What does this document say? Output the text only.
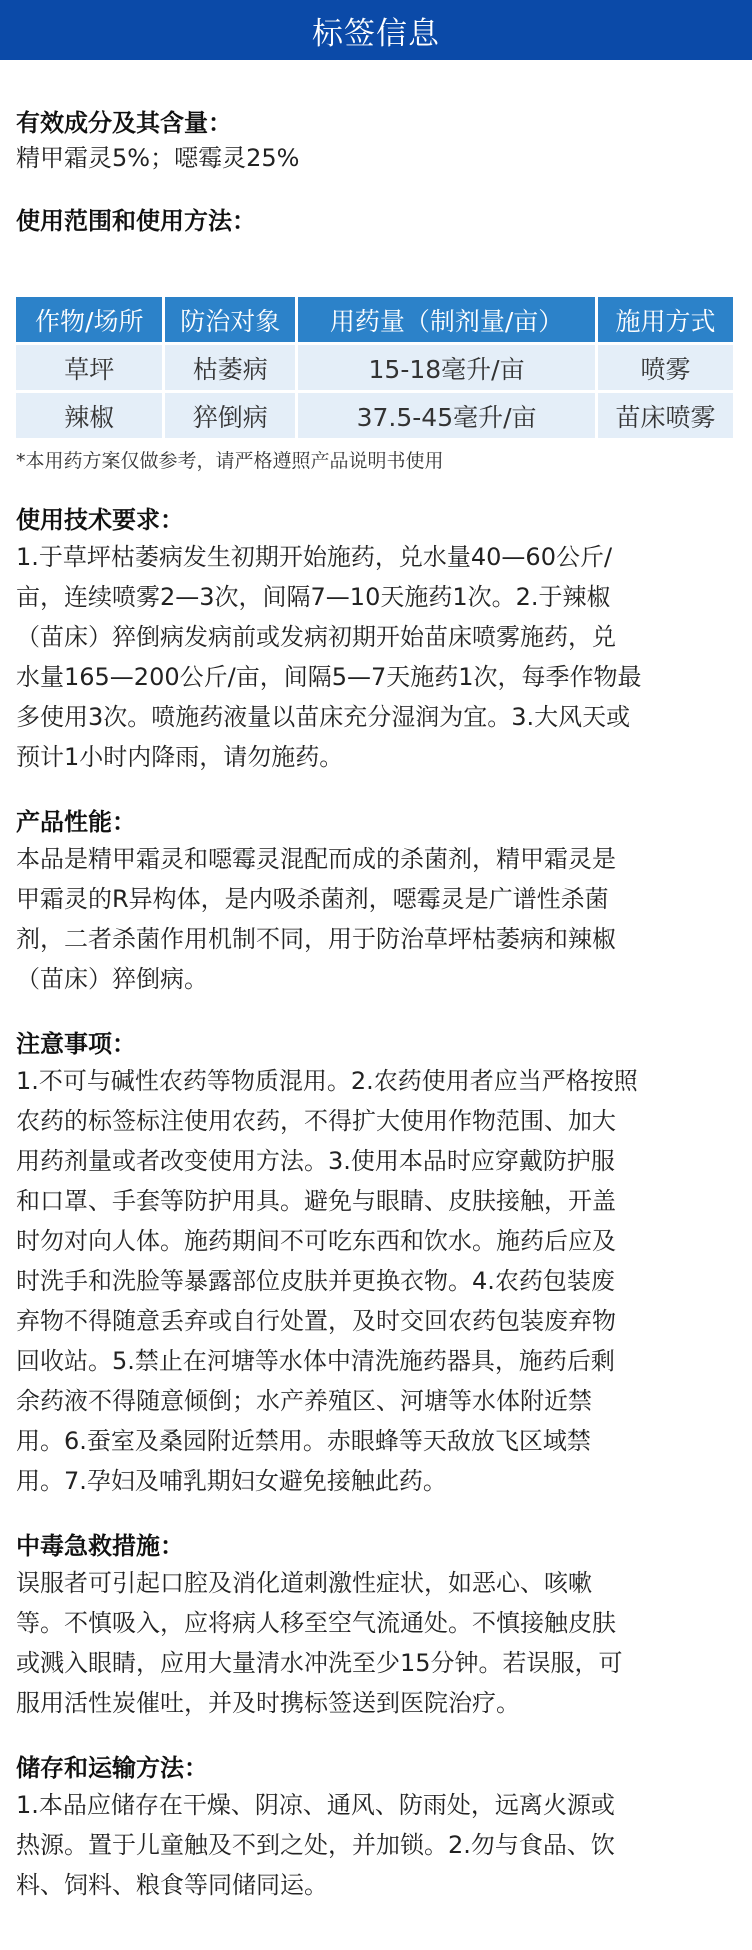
标签信息
有效成分及其含量：
精甲霜灵5%；噁霉灵25%
使用范围和使用方法：
作物/场所	防治对象	用药量（制剂量/亩）	施用方式
草坪	枯萎病	15-18毫升/亩	喷雾
辣椒	猝倒病	37.5-45毫升/亩	苗床喷雾
*本用药方案仅做参考，请严格遵照产品说明书使用
使用技术要求：
1.于草坪枯萎病发生初期开始施药，兑水量40—60公斤/
亩，连续喷雾2—3次，间隔7—10天施药1次。2.于辣椒
（苗床）猝倒病发病前或发病初期开始苗床喷雾施药，兑
水量165—200公斤/亩，间隔5—7天施药1次，每季作物最
多使用3次。喷施药液量以苗床充分湿润为宜。3.大风天或
预计1小时内降雨，请勿施药。
产品性能：
本品是精甲霜灵和噁霉灵混配而成的杀菌剂，精甲霜灵是
甲霜灵的R异构体，是内吸杀菌剂，噁霉灵是广谱性杀菌
剂，二者杀菌作用机制不同，用于防治草坪枯萎病和辣椒
（苗床）猝倒病。
注意事项：
1.不可与碱性农药等物质混用。2.农药使用者应当严格按照
农药的标签标注使用农药，不得扩大使用作物范围、加大
用药剂量或者改变使用方法。3.使用本品时应穿戴防护服
和口罩、手套等防护用具。避免与眼睛、皮肤接触，开盖
时勿对向人体。施药期间不可吃东西和饮水。施药后应及
时洗手和洗脸等暴露部位皮肤并更换衣物。4.农药包装废
弃物不得随意丢弃或自行处置，及时交回农药包装废弃物
回收站。5.禁止在河塘等水体中清洗施药器具，施药后剩
余药液不得随意倾倒；水产养殖区、河塘等水体附近禁
用。6.蚕室及桑园附近禁用。赤眼蜂等天敌放飞区域禁
用。7.孕妇及哺乳期妇女避免接触此药。
中毒急救措施：
误服者可引起口腔及消化道刺激性症状，如恶心、咳嗽
等。不慎吸入，应将病人移至空气流通处。不慎接触皮肤
或溅入眼睛，应用大量清水冲洗至少15分钟。若误服，可
服用活性炭催吐，并及时携标签送到医院治疗。
储存和运输方法：
1.本品应储存在干燥、阴凉、通风、防雨处，远离火源或
热源。置于儿童触及不到之处，并加锁。2.勿与食品、饮
料、饲料、粮食等同储同运。
